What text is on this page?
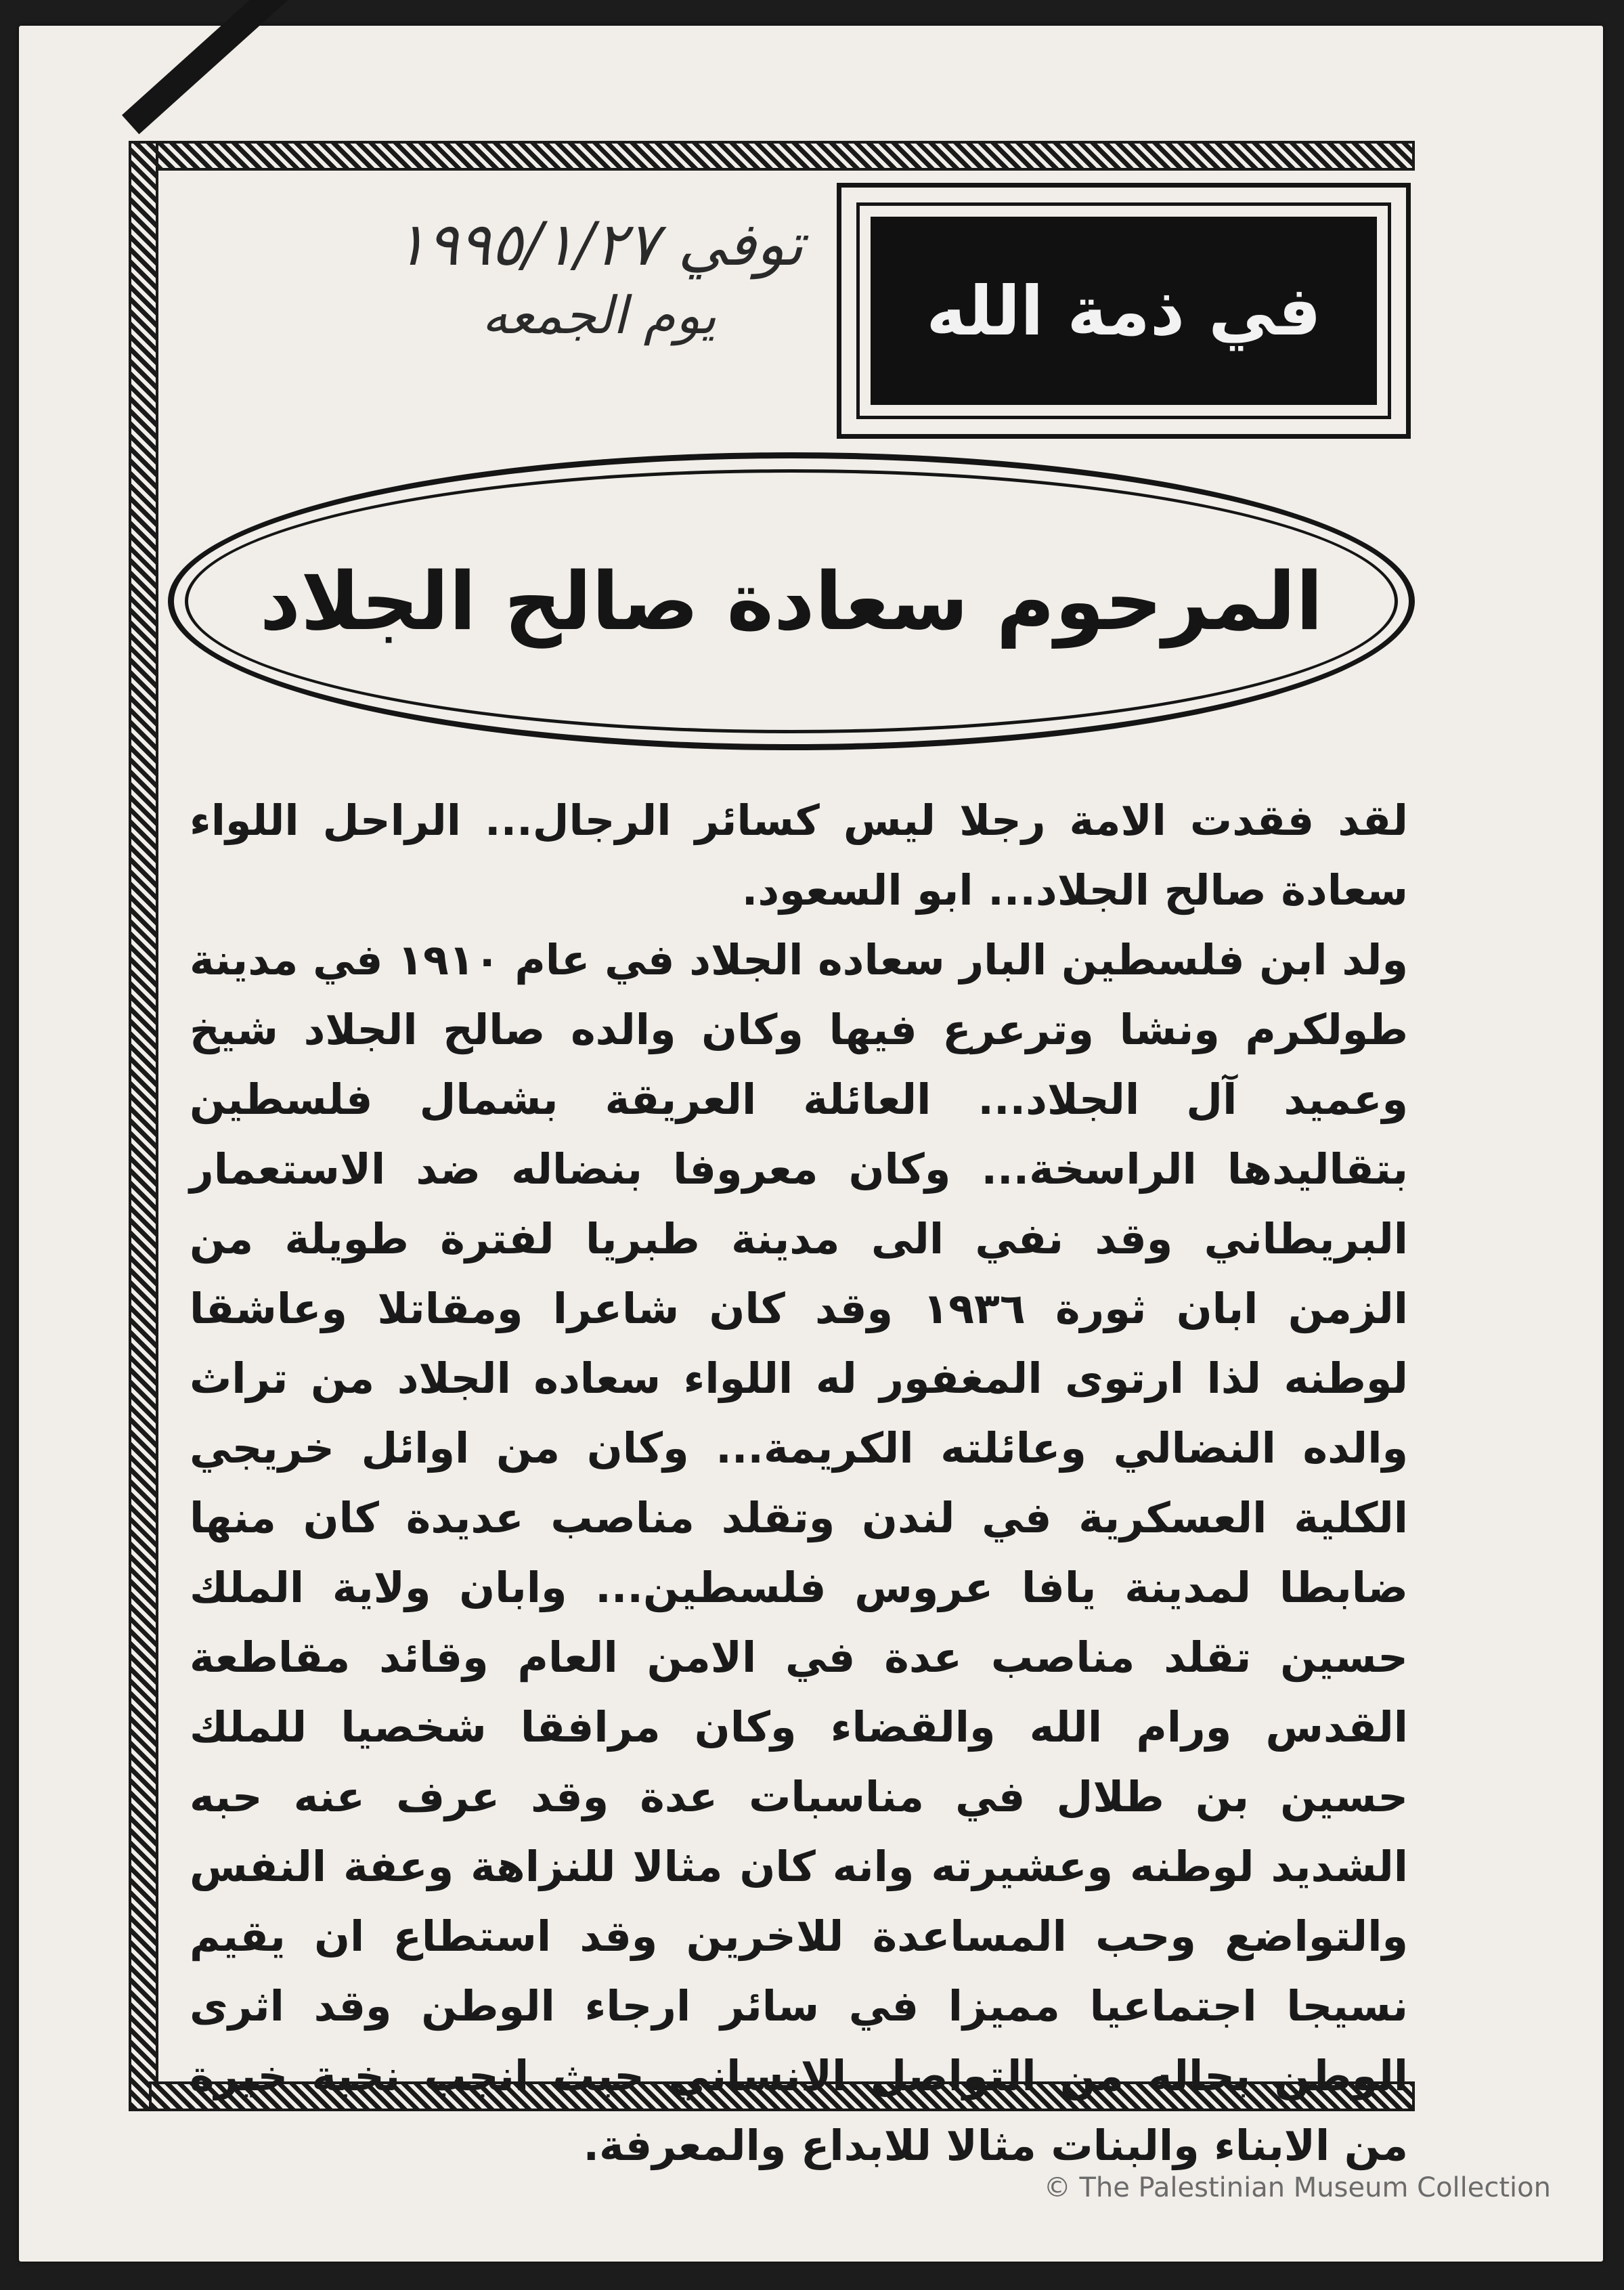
توفي ١٩٩٥/١/٢٧
يوم الجمعه	في ذمة الله
المرحوم سعادة صالح الجلاد

لقد فقدت الامة رجلا ليس كسائر الرجال... الراحل اللواء سعادة صالح الجلاد... ابو السعود.

ولد ابن فلسطين البار سعاده الجلاد في عام ١٩١٠ في مدينة طولكرم ونشا وترعرع فيها وكان والده صالح الجلاد شيخ وعميد آل الجلاد... العائلة العريقة بشمال فلسطين بتقاليدها الراسخة... وكان معروفا بنضاله ضد الاستعمار البريطاني وقد نفي الى مدينة طبريا لفترة طويلة من الزمن ابان ثورة ١٩٣٦ وقد كان شاعرا ومقاتلا وعاشقا لوطنه لذا ارتوى المغفور له اللواء سعاده الجلاد من تراث والده النضالي وعائلته الكريمة... وكان من اوائل خريجي الكلية العسكرية في لندن وتقلد مناصب عديدة كان منها ضابطا لمدينة يافا عروس فلسطين... وابان ولاية الملك حسين تقلد مناصب عدة في الامن العام وقائد مقاطعة القدس ورام الله والقضاء وكان مرافقا شخصيا للملك حسين بن طلال في مناسبات عدة وقد عرف عنه حبه الشديد لوطنه وعشيرته وانه كان مثالا للنزاهة وعفة النفس والتواضع وحب المساعدة للاخرين وقد استطاع ان يقيم نسيجا اجتماعيا مميزا في سائر ارجاء الوطن وقد اثرى الوطن بحاله من التواصل الانساني حيث انجب نخبة خيرة من الابناء والبنات مثالا للابداع والمعرفة.

© The Palestinian Museum Collection
